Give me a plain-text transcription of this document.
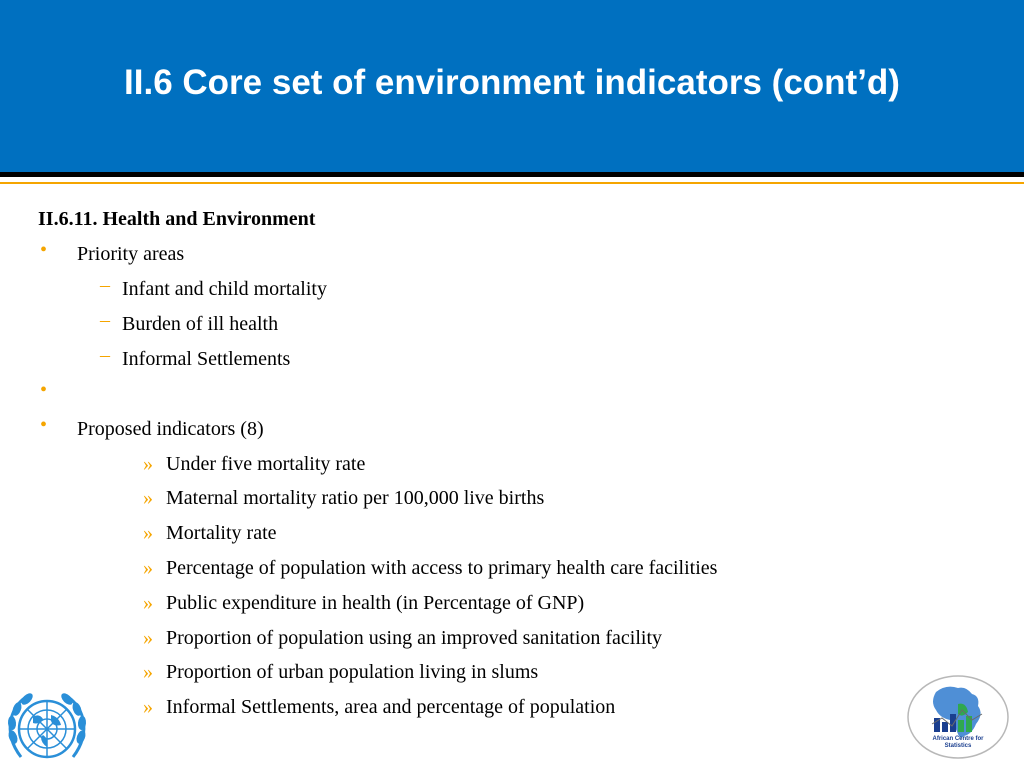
II.6 Core set of environment indicators (cont’d)
II.6.11. Health and Environment
• Priority areas
– Infant and child mortality
– Burden of ill health
– Informal Settlements
•
• Proposed indicators (8)
» Under five mortality rate
» Maternal mortality ratio per 100,000 live births
» Mortality rate
» Percentage of population with access to primary health care facilities
» Public expenditure in health (in Percentage of GNP)
» Proportion of population using an improved sanitation facility
» Proportion of urban population living in slums
» Informal Settlements, area and percentage of population
African Centre for
Statistics
